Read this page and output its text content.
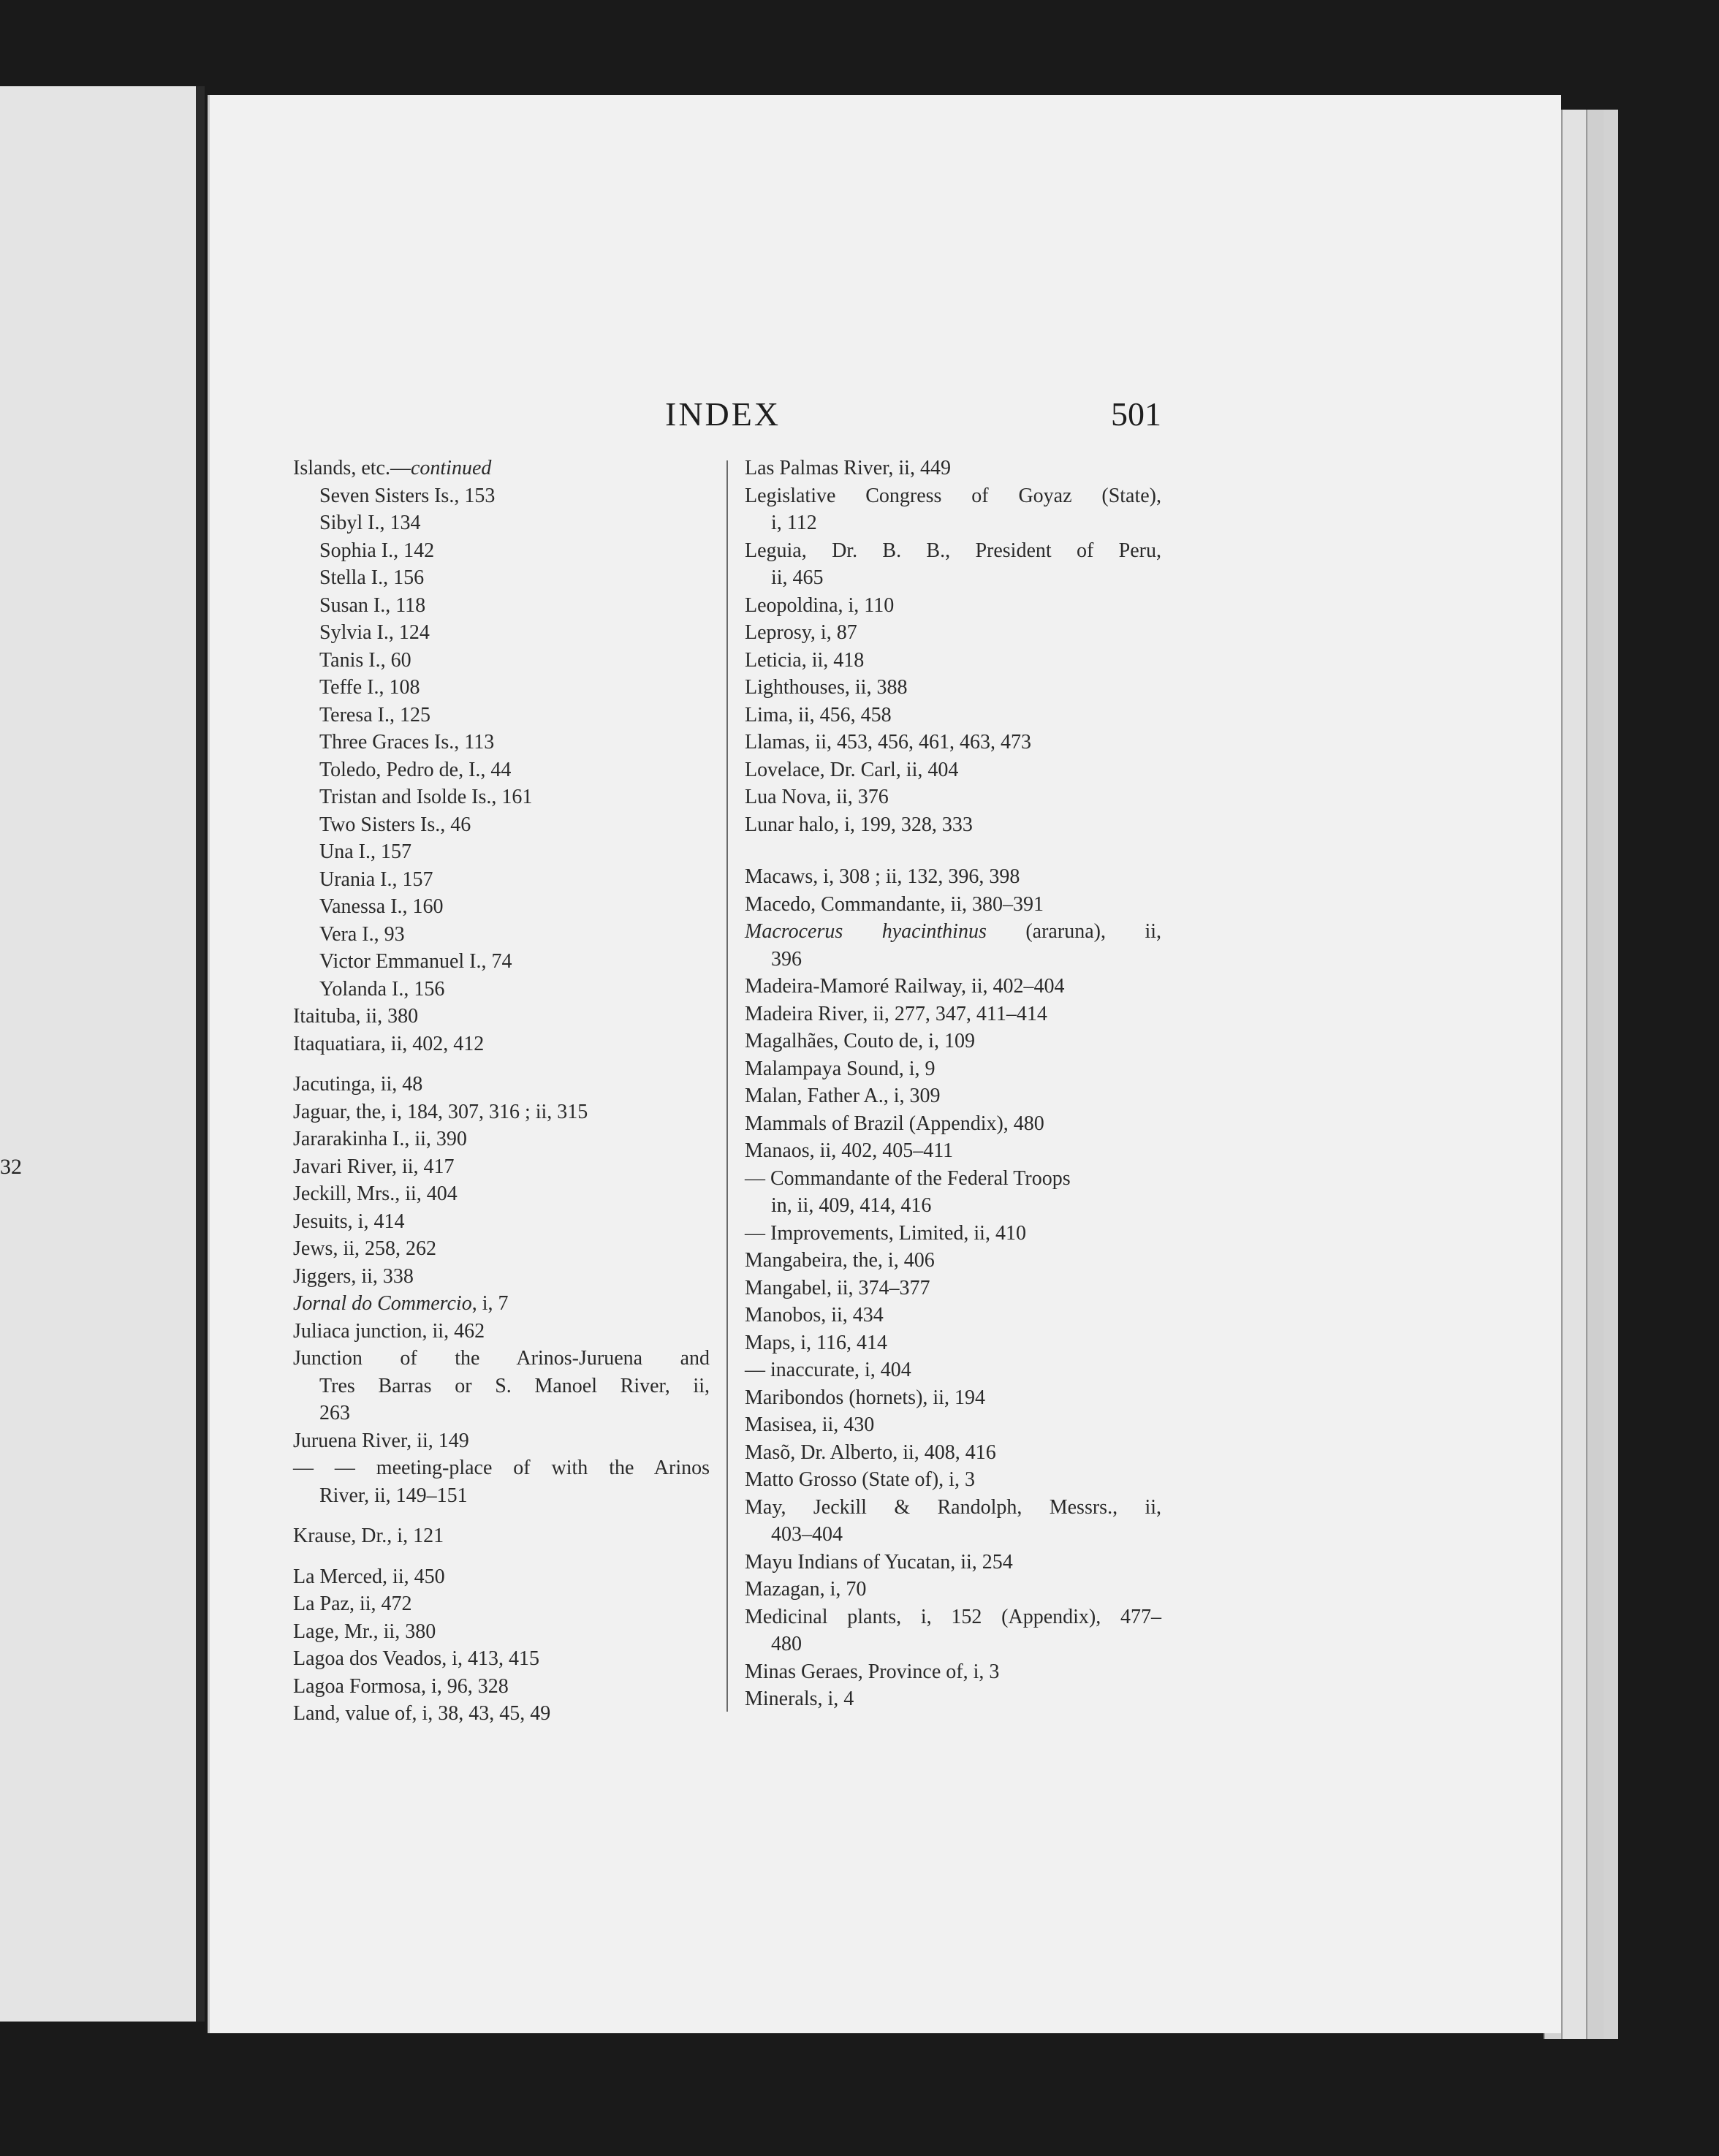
32
INDEX	501
Islands, etc.—continued
Seven Sisters Is., 153
Sibyl I., 134
Sophia I., 142
Stella I., 156
Susan I., 118
Sylvia I., 124
Tanis I., 60
Teffe I., 108
Teresa I., 125
Three Graces Is., 113
Toledo, Pedro de, I., 44
Tristan and Isolde Is., 161
Two Sisters Is., 46
Una I., 157
Urania I., 157
Vanessa I., 160
Vera I., 93
Victor Emmanuel I., 74
Yolanda I., 156
Itaituba, ii, 380
Itaquatiara, ii, 402, 412
Jacutinga, ii, 48
Jaguar, the, i, 184, 307, 316 ; ii, 315
Jararakinha I., ii, 390
Javari River, ii, 417
Jeckill, Mrs., ii, 404
Jesuits, i, 414
Jews, ii, 258, 262
Jiggers, ii, 338
Jornal do Commercio, i, 7
Juliaca junction, ii, 462
Junction of the Arinos-Juruena and
Tres Barras or S. Manoel River, ii,
263
Juruena River, ii, 149
— — meeting-place of with the Arinos
River, ii, 149–151
Krause, Dr., i, 121
La Merced, ii, 450
La Paz, ii, 472
Lage, Mr., ii, 380
Lagoa dos Veados, i, 413, 415
Lagoa Formosa, i, 96, 328
Land, value of, i, 38, 43, 45, 49
Las Palmas River, ii, 449
Legislative Congress of Goyaz (State),
i, 112
Leguia, Dr. B. B., President of Peru,
ii, 465
Leopoldina, i, 110
Leprosy, i, 87
Leticia, ii, 418
Lighthouses, ii, 388
Lima, ii, 456, 458
Llamas, ii, 453, 456, 461, 463, 473
Lovelace, Dr. Carl, ii, 404
Lua Nova, ii, 376
Lunar halo, i, 199, 328, 333
Macaws, i, 308 ; ii, 132, 396, 398
Macedo, Commandante, ii, 380–391
Macrocerus hyacinthinus (araruna), ii,
396
Madeira-Mamoré Railway, ii, 402–404
Madeira River, ii, 277, 347, 411–414
Magalhães, Couto de, i, 109
Malampaya Sound, i, 9
Malan, Father A., i, 309
Mammals of Brazil (Appendix), 480
Manaos, ii, 402, 405–411
— Commandante of the Federal Troops
in, ii, 409, 414, 416
— Improvements, Limited, ii, 410
Mangabeira, the, i, 406
Mangabel, ii, 374–377
Manobos, ii, 434
Maps, i, 116, 414
— inaccurate, i, 404
Maribondos (hornets), ii, 194
Masisea, ii, 430
Masõ, Dr. Alberto, ii, 408, 416
Matto Grosso (State of), i, 3
May, Jeckill & Randolph, Messrs., ii,
403–404
Mayu Indians of Yucatan, ii, 254
Mazagan, i, 70
Medicinal plants, i, 152 (Appendix), 477–
480
Minas Geraes, Province of, i, 3
Minerals, i, 4
